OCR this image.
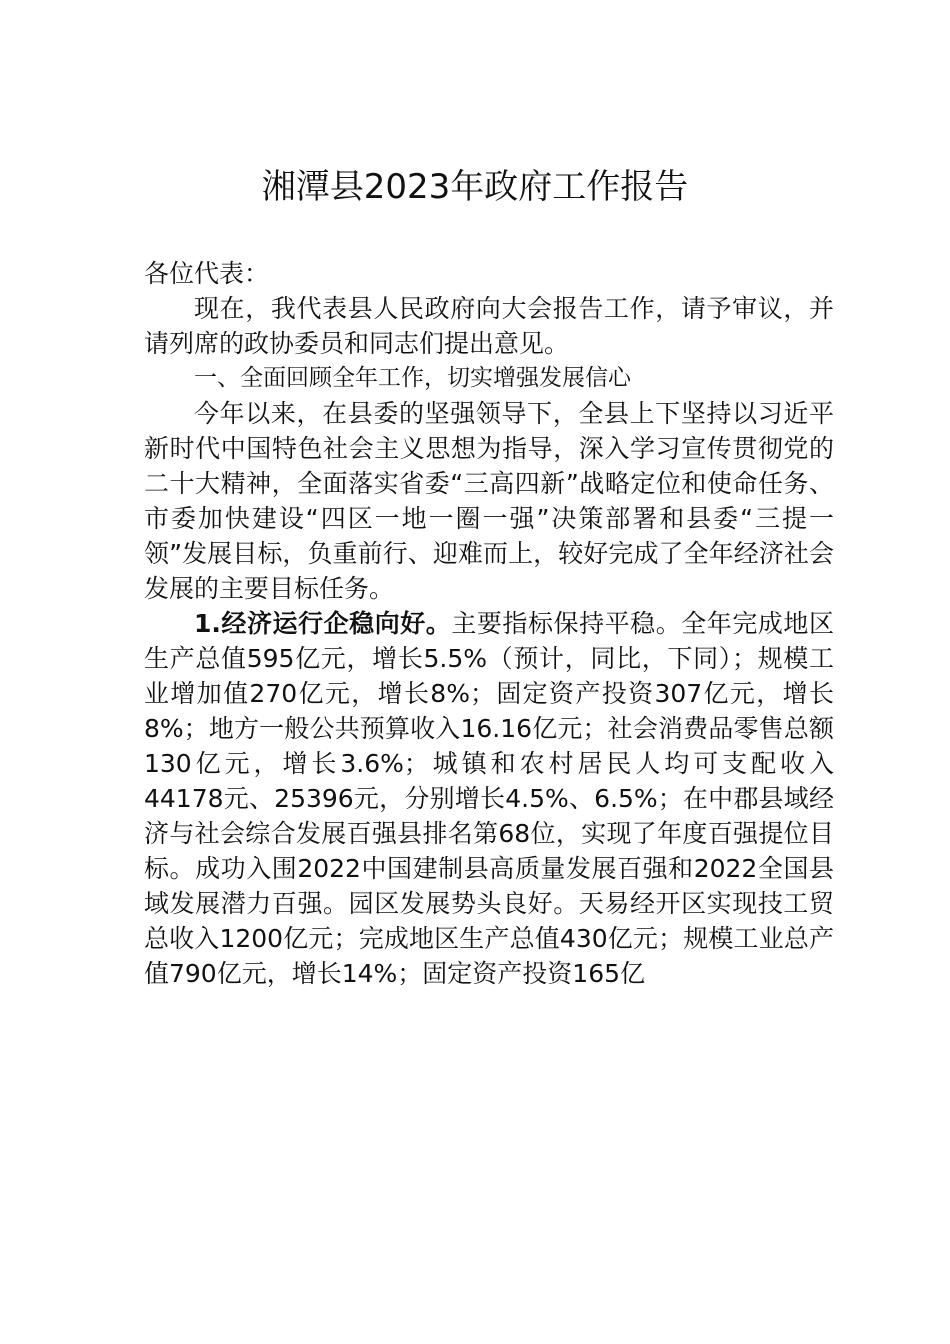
湘潭县2023年政府工作报告

各位代表：

现在，我代表县人民政府向大会报告工作，请予审议，并请列席的政协委员和同志们提出意见。

一、全面回顾全年工作，切实增强发展信心

今年以来，在县委的坚强领导下，全县上下坚持以习近平新时代中国特色社会主义思想为指导，深入学习宣传贯彻党的二十大精神，全面落实省委“三高四新”战略定位和使命任务、市委加快建设“四区一地一圈一强”决策部署和县委“三提一领”发展目标，负重前行、迎难而上，较好完成了全年经济社会发展的主要目标任务。

1.经济运行企稳向好。主要指标保持平稳。全年完成地区生产总值595亿元，增长5.5%（预计，同比，下同）；规模工业增加值270亿元，增长8%；固定资产投资307亿元，增长8%；地方一般公共预算收入16.16亿元；社会消费品零售总额130亿元，增长3.6%；城镇和农村居民人均可支配收入44178元、25396元，分别增长4.5%、6.5%；在中郡县域经济与社会综合发展百强县排名第68位，实现了年度百强提位目标。成功入围2022中国建制县高质量发展百强和2022全国县域发展潜力百强。园区发展势头良好。天易经开区实现技工贸总收入1200亿元；完成地区生产总值430亿元；规模工业总产值790亿元，增长14%；固定资产投资165亿
